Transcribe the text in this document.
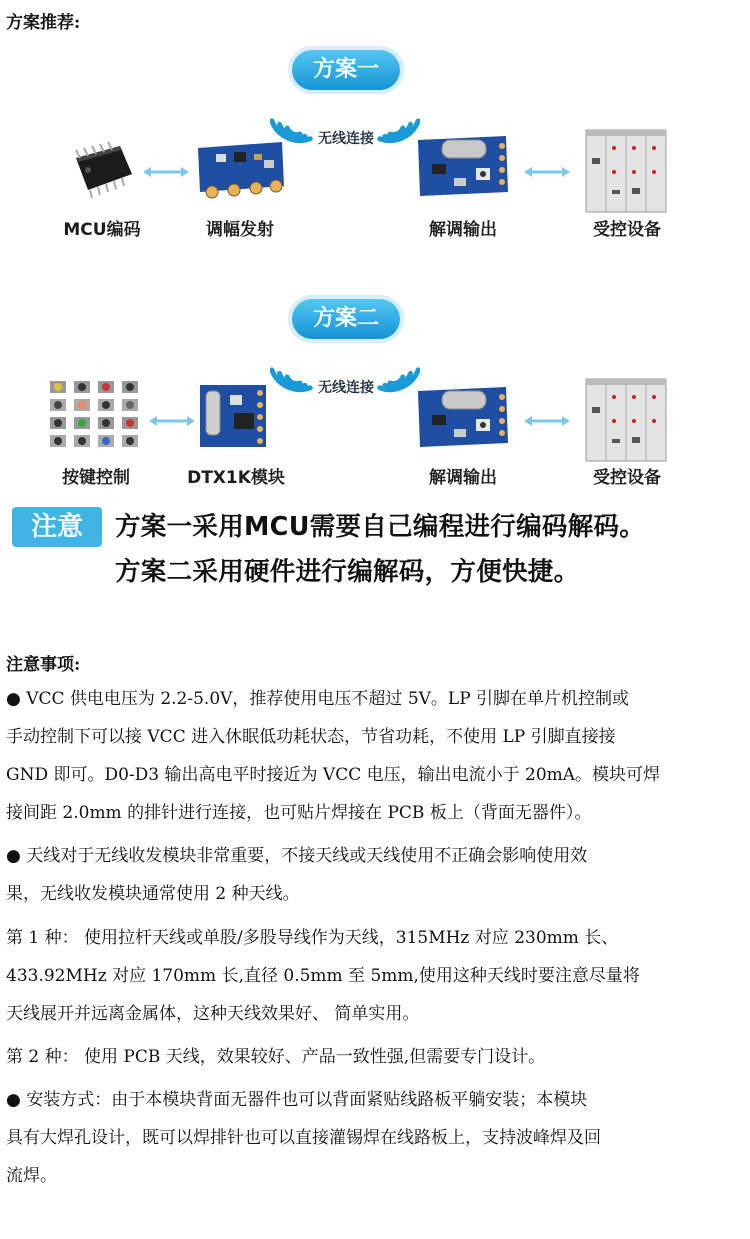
方案推荐:
方案一
无线连接
MCU编码	调幅发射	解调输出	受控设备
方案二
无线连接
按键控制	DTX1K模块	解调输出	受控设备
注意	方案一采用MCU需要自己编程进行编码解码。
方案二采用硬件进行编解码，方便快捷。
注意事项:
● VCC 供电电压为 2.2-5.0V，推荐使用电压不超过 5V。LP 引脚在单片机控制或
手动控制下可以接 VCC 进入休眠低功耗状态，节省功耗，不使用 LP 引脚直接接
GND 即可。D0-D3 输出高电平时接近为 VCC 电压，输出电流小于 20mA。模块可焊
接间距 2.0mm 的排针进行连接，也可贴片焊接在 PCB 板上（背面无器件）。
● 天线对于无线收发模块非常重要，不接天线或天线使用不正确会影响使用效
果，无线收发模块通常使用 2 种天线。
第 1 种： 使用拉杆天线或单股/多股导线作为天线，315MHz 对应 230mm 长、
433.92MHz 对应 170mm 长,直径 0.5mm 至 5mm,使用这种天线时要注意尽量将
天线展开并远离金属体，这种天线效果好、 简单实用。
第 2 种： 使用 PCB 天线，效果较好、产品一致性强,但需要专门设计。
● 安装方式：由于本模块背面无器件也可以背面紧贴线路板平躺安装；本模块
具有大焊孔设计，既可以焊排针也可以直接灌锡焊在线路板上，支持波峰焊及回
流焊。
